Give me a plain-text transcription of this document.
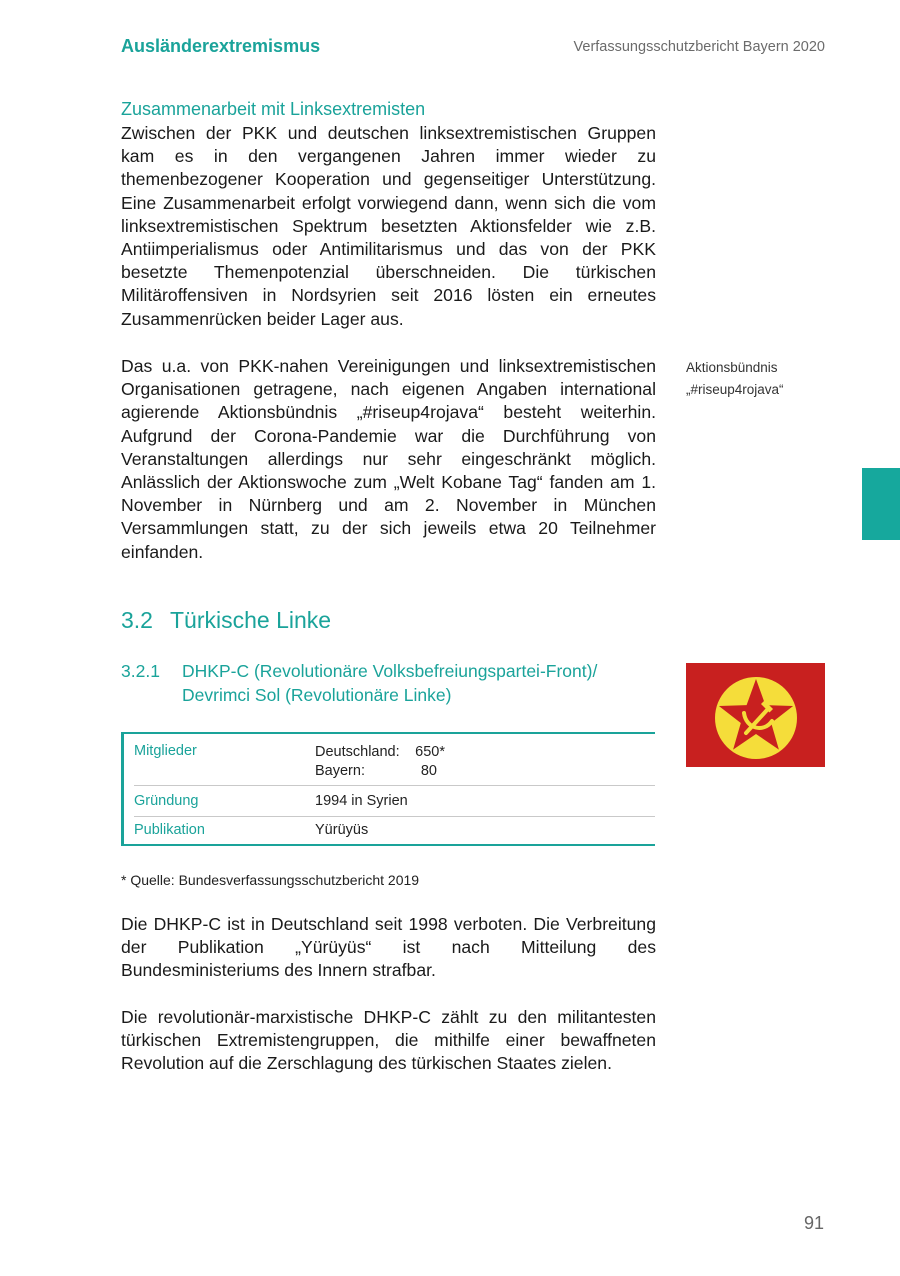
Ausländerextremismus	Verfassungsschutzbericht Bayern 2020
Zusammenarbeit mit Linksextremisten
Zwischen der PKK und deutschen linksextremistischen Gruppen kam es in den vergangenen Jahren immer wieder zu themenbezogener Kooperation und gegenseitiger Unterstützung. Eine Zusammenarbeit erfolgt vorwiegend dann, wenn sich die vom linksextremistischen Spektrum besetzten Aktionsfelder wie z.B. Antiimperialismus oder Antimilitarismus und das von der PKK besetzte Themenpotenzial überschneiden. Die türkischen Militäroffensiven in Nordsyrien seit 2016 lösten ein erneutes Zusammenrücken beider Lager aus.
Das u.a. von PKK-nahen Vereinigungen und linksextremistischen Organisationen getragene, nach eigenen Angaben international agierende Aktionsbündnis „#riseup4rojava“ besteht weiterhin. Aufgrund der Corona-Pandemie war die Durchführung von Veranstaltungen allerdings nur sehr eingeschränkt möglich. Anlässlich der Aktionswoche zum „Welt Kobane Tag“ fanden am 1. November in Nürnberg und am 2. November in München Versammlungen statt, zu der sich jeweils etwa 20 Teilnehmer einfanden.
Aktionsbündnis
„#riseup4rojava“
3.2 Türkische Linke
3.2.1 DHKP-C (Revolutionäre Volksbefreiungspartei-Front)/
Devrimci Sol (Revolutionäre Linke)
Mitglieder	Deutschland: 650*
Bayern:	80
Gründung	1994 in Syrien
Publikation	Yürüyüs
* Quelle: Bundesverfassungsschutzbericht 2019
Die DHKP-C ist in Deutschland seit 1998 verboten. Die Verbreitung der Publikation „Yürüyüs“ ist nach Mitteilung des Bundesministeriums des Innern strafbar.
Die revolutionär-marxistische DHKP-C zählt zu den militantesten türkischen Extremistengruppen, die mithilfe einer bewaffneten Revolution auf die Zerschlagung des türkischen Staates zielen.
91
